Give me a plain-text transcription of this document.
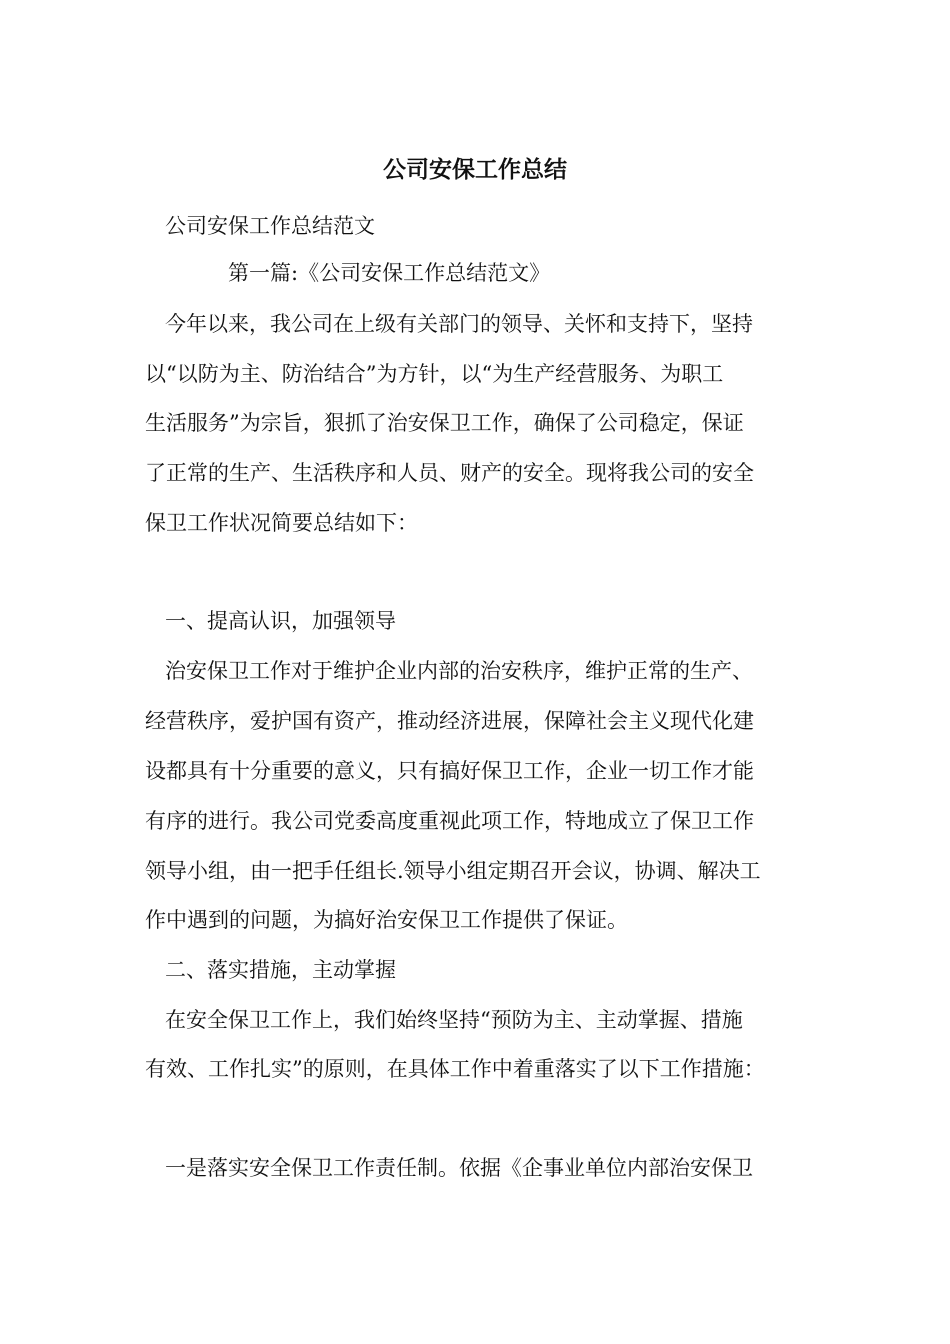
公司安保工作总结

公司安保工作总结范文

第一篇:《公司安保工作总结范文》

今年以来，我公司在上级有关部门的领导、关怀和支持下，坚持

以“以防为主、防治结合”为方针，以“为生产经营服务、为职工

生活服务”为宗旨，狠抓了治安保卫工作，确保了公司稳定，保证

了正常的生产、生活秩序和人员、财产的安全。现将我公司的安全

保卫工作状况简要总结如下：

一、提高认识，加强领导

治安保卫工作对于维护企业内部的治安秩序，维护正常的生产、

经营秩序，爱护国有资产，推动经济进展，保障社会主义现代化建

设都具有十分重要的意义，只有搞好保卫工作，企业一切工作才能

有序的进行。我公司党委高度重视此项工作，特地成立了保卫工作

领导小组，由一把手任组长.领导小组定期召开会议，协调、解决工

作中遇到的问题，为搞好治安保卫工作提供了保证。

二、落实措施，主动掌握

在安全保卫工作上，我们始终坚持“预防为主、主动掌握、措施

有效、工作扎实”的原则，在具体工作中着重落实了以下工作措施：

一是落实安全保卫工作责任制。依据《企事业单位内部治安保卫
